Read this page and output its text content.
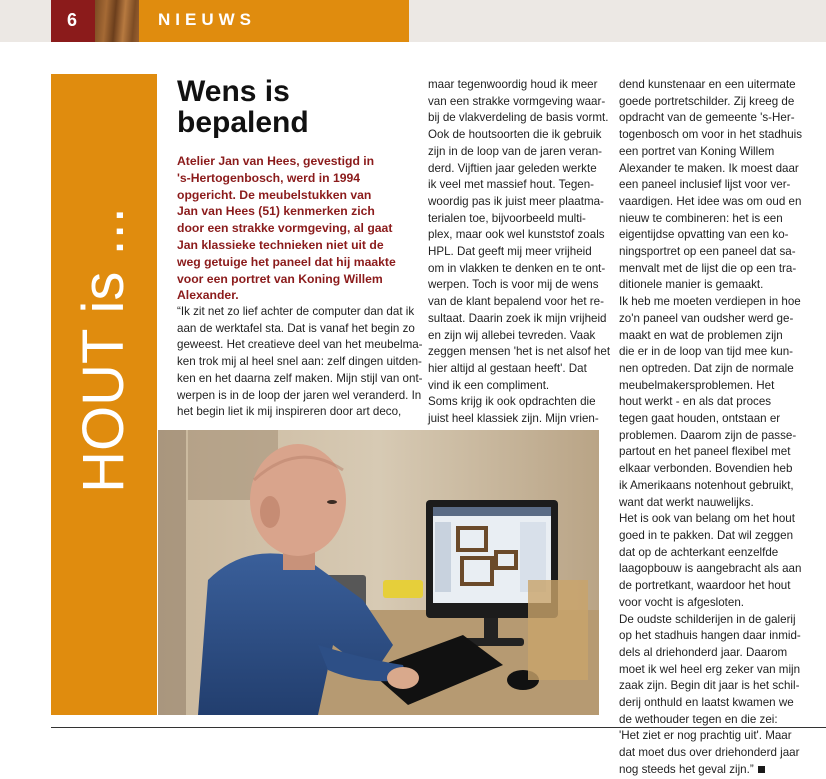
6	NIEUWS
HOUT is ...
Wens is
bepalend
Atelier Jan van Hees, gevestigd in
's-Hertogenbosch, werd in 1994
opgericht. De meubelstukken van
Jan van Hees (51) kenmerken zich
door een strakke vormgeving, al gaat
Jan klassieke technieken niet uit de
weg getuige het paneel dat hij maakte
voor een portret van Koning Willem
Alexander.
“Ik zit net zo lief achter de computer dan dat ik
aan de werktafel sta. Dat is vanaf het begin zo
geweest. Het creatieve deel van het meubelma-
ken trok mij al heel snel aan: zelf dingen uitden-
ken en het daarna zelf maken. Mijn stijl van ont-
werpen is in de loop der jaren wel veranderd. In
het begin liet ik mij inspireren door art deco,
maar tegenwoordig houd ik meer
van een strakke vormgeving waar-
bij de vlakverdeling de basis vormt.
Ook de houtsoorten die ik gebruik
zijn in de loop van de jaren veran-
derd. Vijftien jaar geleden werkte
ik veel met massief hout. Tegen-
woordig pas ik juist meer plaatma-
terialen toe, bijvoorbeeld multi-
plex, maar ook wel kunststof zoals
HPL. Dat geeft mij meer vrijheid
om in vlakken te denken en te ont-
werpen. Toch is voor mij de wens
van de klant bepalend voor het re-
sultaat. Daarin zoek ik mijn vrijheid
en zijn wij allebei tevreden. Vaak
zeggen mensen 'het is net alsof het
hier altijd al gestaan heeft'. Dat
vind ik een compliment.
Soms krijg ik ook opdrachten die
juist heel klassiek zijn. Mijn vrien-
dend kunstenaar en een uitermate
goede portretschilder. Zij kreeg de
opdracht van de gemeente 's-Her-
togenbosch om voor in het stadhuis
een portret van Koning Willem
Alexander te maken. Ik moest daar
een paneel inclusief lijst voor ver-
vaardigen. Het idee was om oud en
nieuw te combineren: het is een
eigentijdse opvatting van een ko-
ningsportret op een paneel dat sa-
menvalt met de lijst die op een tra-
ditionele manier is gemaakt.
Ik heb me moeten verdiepen in hoe
zo'n paneel van oudsher werd ge-
maakt en wat de problemen zijn
die er in de loop van tijd mee kun-
nen optreden. Dat zijn de normale
meubelmakersproblemen. Het
hout werkt - en als dat proces
tegen gaat houden, ontstaan er
problemen. Daarom zijn de passe-
partout en het paneel flexibel met
elkaar verbonden. Bovendien heb
ik Amerikaans notenhout gebruikt,
want dat werkt nauwelijks.
Het is ook van belang om het hout
goed in te pakken. Dat wil zeggen
dat op de achterkant eenzelfde
laagopbouw is aangebracht als aan
de portretkant, waardoor het hout
voor vocht is afgesloten.
De oudste schilderijen in de galerij
op het stadhuis hangen daar inmid-
dels al driehonderd jaar. Daarom
moet ik wel heel erg zeker van mijn
zaak zijn. Begin dit jaar is het schil-
derij onthuld en laatst kwamen we
de wethouder tegen en die zei:
'Het ziet er nog prachtig uit'. Maar
dat moet dus over driehonderd jaar
nog steeds het geval zijn.”
